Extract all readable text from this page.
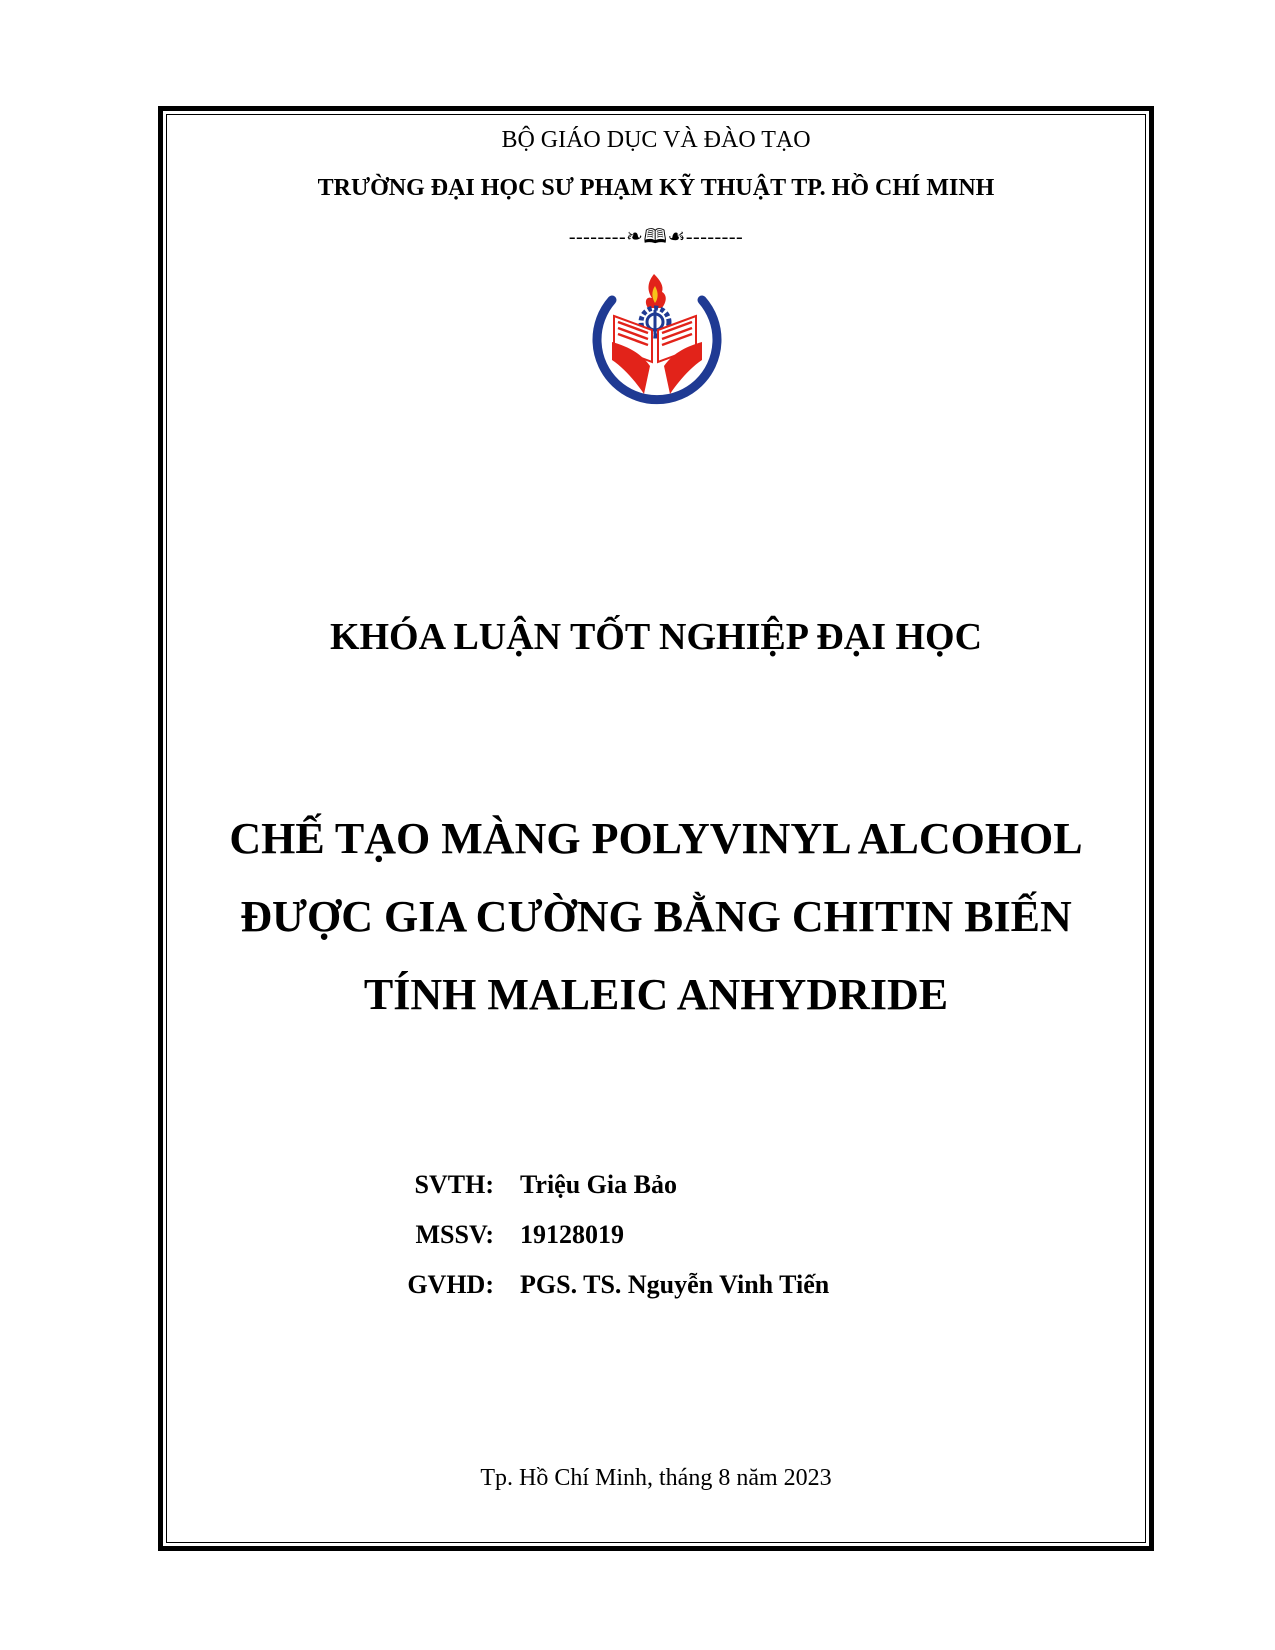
BỘ GIÁO DỤC VÀ ĐÀO TẠO
TRƯỜNG ĐẠI HỌC SƯ PHẠM KỸ THUẬT TP. HỒ CHÍ MINH
--------❧🕮☙--------
KHÓA LUẬN TỐT NGHIỆP ĐẠI HỌC
CHẾ TẠO MÀNG POLYVINYL ALCOHOL
ĐƯỢC GIA CƯỜNG BẰNG CHITIN BIẾN
TÍNH MALEIC ANHYDRIDE
SVTH:	Triệu Gia Bảo
MSSV:	19128019
GVHD:	PGS. TS. Nguyễn Vinh Tiến
Tp. Hồ Chí Minh, tháng 8 năm 2023
